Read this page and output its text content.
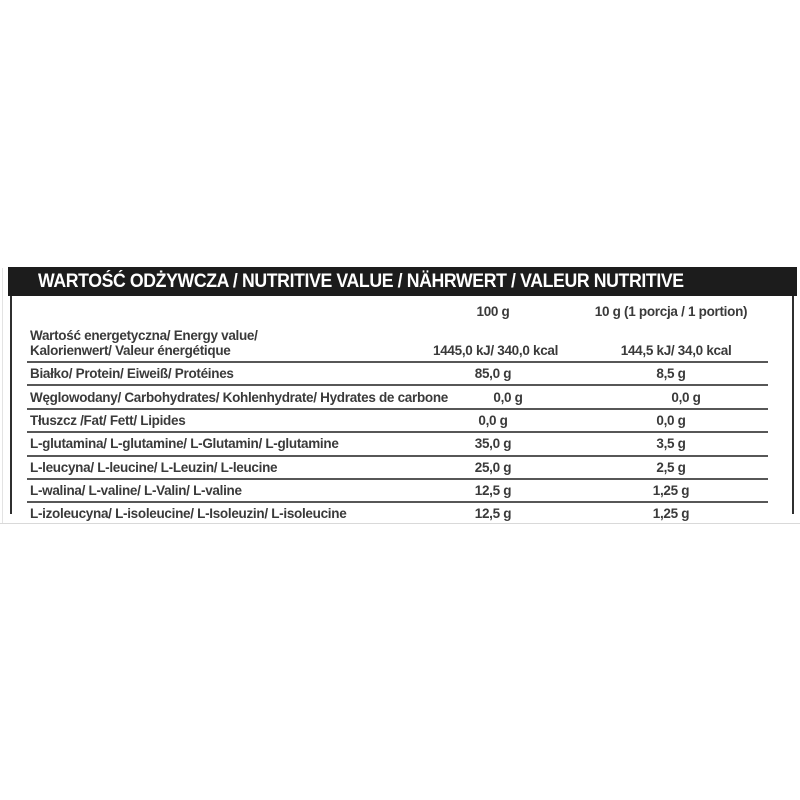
WARTOŚĆ ODŻYWCZA / NUTRITIVE VALUE / NÄHRWERT / VALEUR NUTRITIVE
100 g	10 g (1 porcja / 1 portion)
Wartość energetyczna/ Energy value/
Kalorienwert/ Valeur énergétique	1445,0 kJ/ 340,0 kcal	144,5 kJ/ 34,0 kcal
Białko/ Protein/ Eiweiß/ Protéines	85,0 g	8,5 g
Węglowodany/ Carbohydrates/ Kohlenhydrate/ Hydrates de carbone	0,0 g	0,0 g
Tłuszcz /Fat/ Fett/ Lipides	0,0 g	0,0 g
L-glutamina/ L-glutamine/ L-Glutamin/ L-glutamine	35,0 g	3,5 g
L-leucyna/ L-leucine/ L-Leuzin/ L-leucine	25,0 g	2,5 g
L-walina/ L-valine/ L-Valin/ L-valine	12,5 g	1,25 g
L-izoleucyna/ L-isoleucine/ L-Isoleuzin/ L-isoleucine	12,5 g	1,25 g
